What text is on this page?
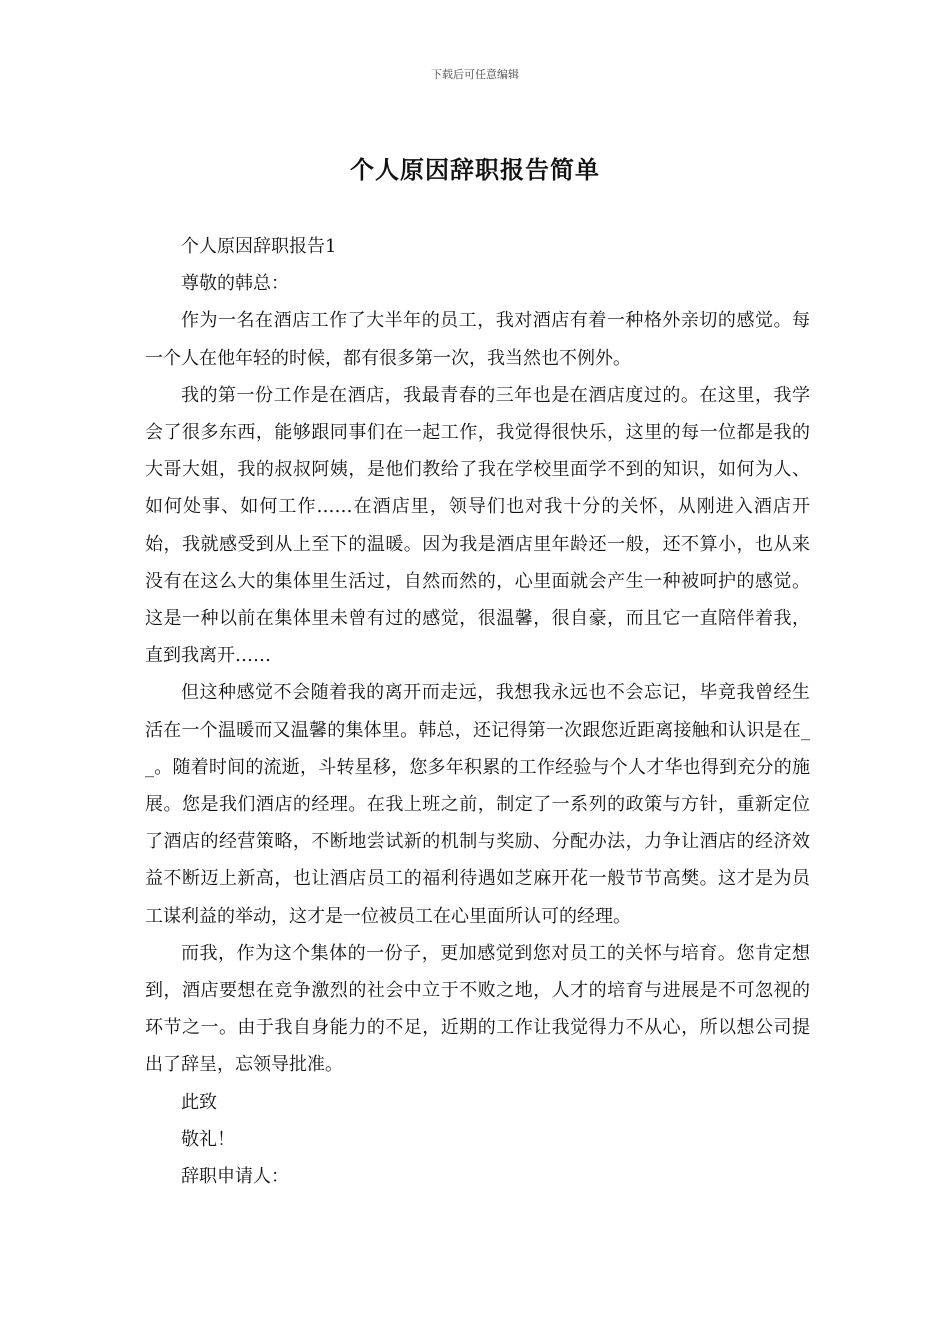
下载后可任意编辑
个人原因辞职报告简单

个人原因辞职报告1

尊敬的韩总：

作为一名在酒店工作了大半年的员工，我对酒店有着一种格外亲切的感觉。每一个人在他年轻的时候，都有很多第一次，我当然也不例外。

我的第一份工作是在酒店，我最青春的三年也是在酒店度过的。在这里，我学会了很多东西，能够跟同事们在一起工作，我觉得很快乐，这里的每一位都是我的大哥大姐，我的叔叔阿姨，是他们教给了我在学校里面学不到的知识，如何为人、如何处事、如何工作……在酒店里，领导们也对我十分的关怀，从刚进入酒店开始，我就感受到从上至下的温暖。因为我是酒店里年龄还一般，还不算小，也从来没有在这么大的集体里生活过，自然而然的，心里面就会产生一种被呵护的感觉。这是一种以前在集体里未曾有过的感觉，很温馨，很自豪，而且它一直陪伴着我，直到我离开……

但这种感觉不会随着我的离开而走远，我想我永远也不会忘记，毕竟我曾经生活在一个温暖而又温馨的集体里。韩总，还记得第一次跟您近距离接触和认识是在__。随着时间的流逝，斗转星移，您多年积累的工作经验与个人才华也得到充分的施展。您是我们酒店的经理。在我上班之前，制定了一系列的政策与方针，重新定位了酒店的经营策略，不断地尝试新的机制与奖励、分配办法，力争让酒店的经济效益不断迈上新高，也让酒店员工的福利待遇如芝麻开花一般节节高樊。这才是为员工谋利益的举动，这才是一位被员工在心里面所认可的经理。

而我，作为这个集体的一份子，更加感觉到您对员工的关怀与培育。您肯定想到，酒店要想在竞争激烈的社会中立于不败之地，人才的培育与进展是不可忽视的环节之一。由于我自身能力的不足，近期的工作让我觉得力不从心，所以想公司提出了辞呈，忘领导批准。

此致

敬礼！

辞职申请人：
